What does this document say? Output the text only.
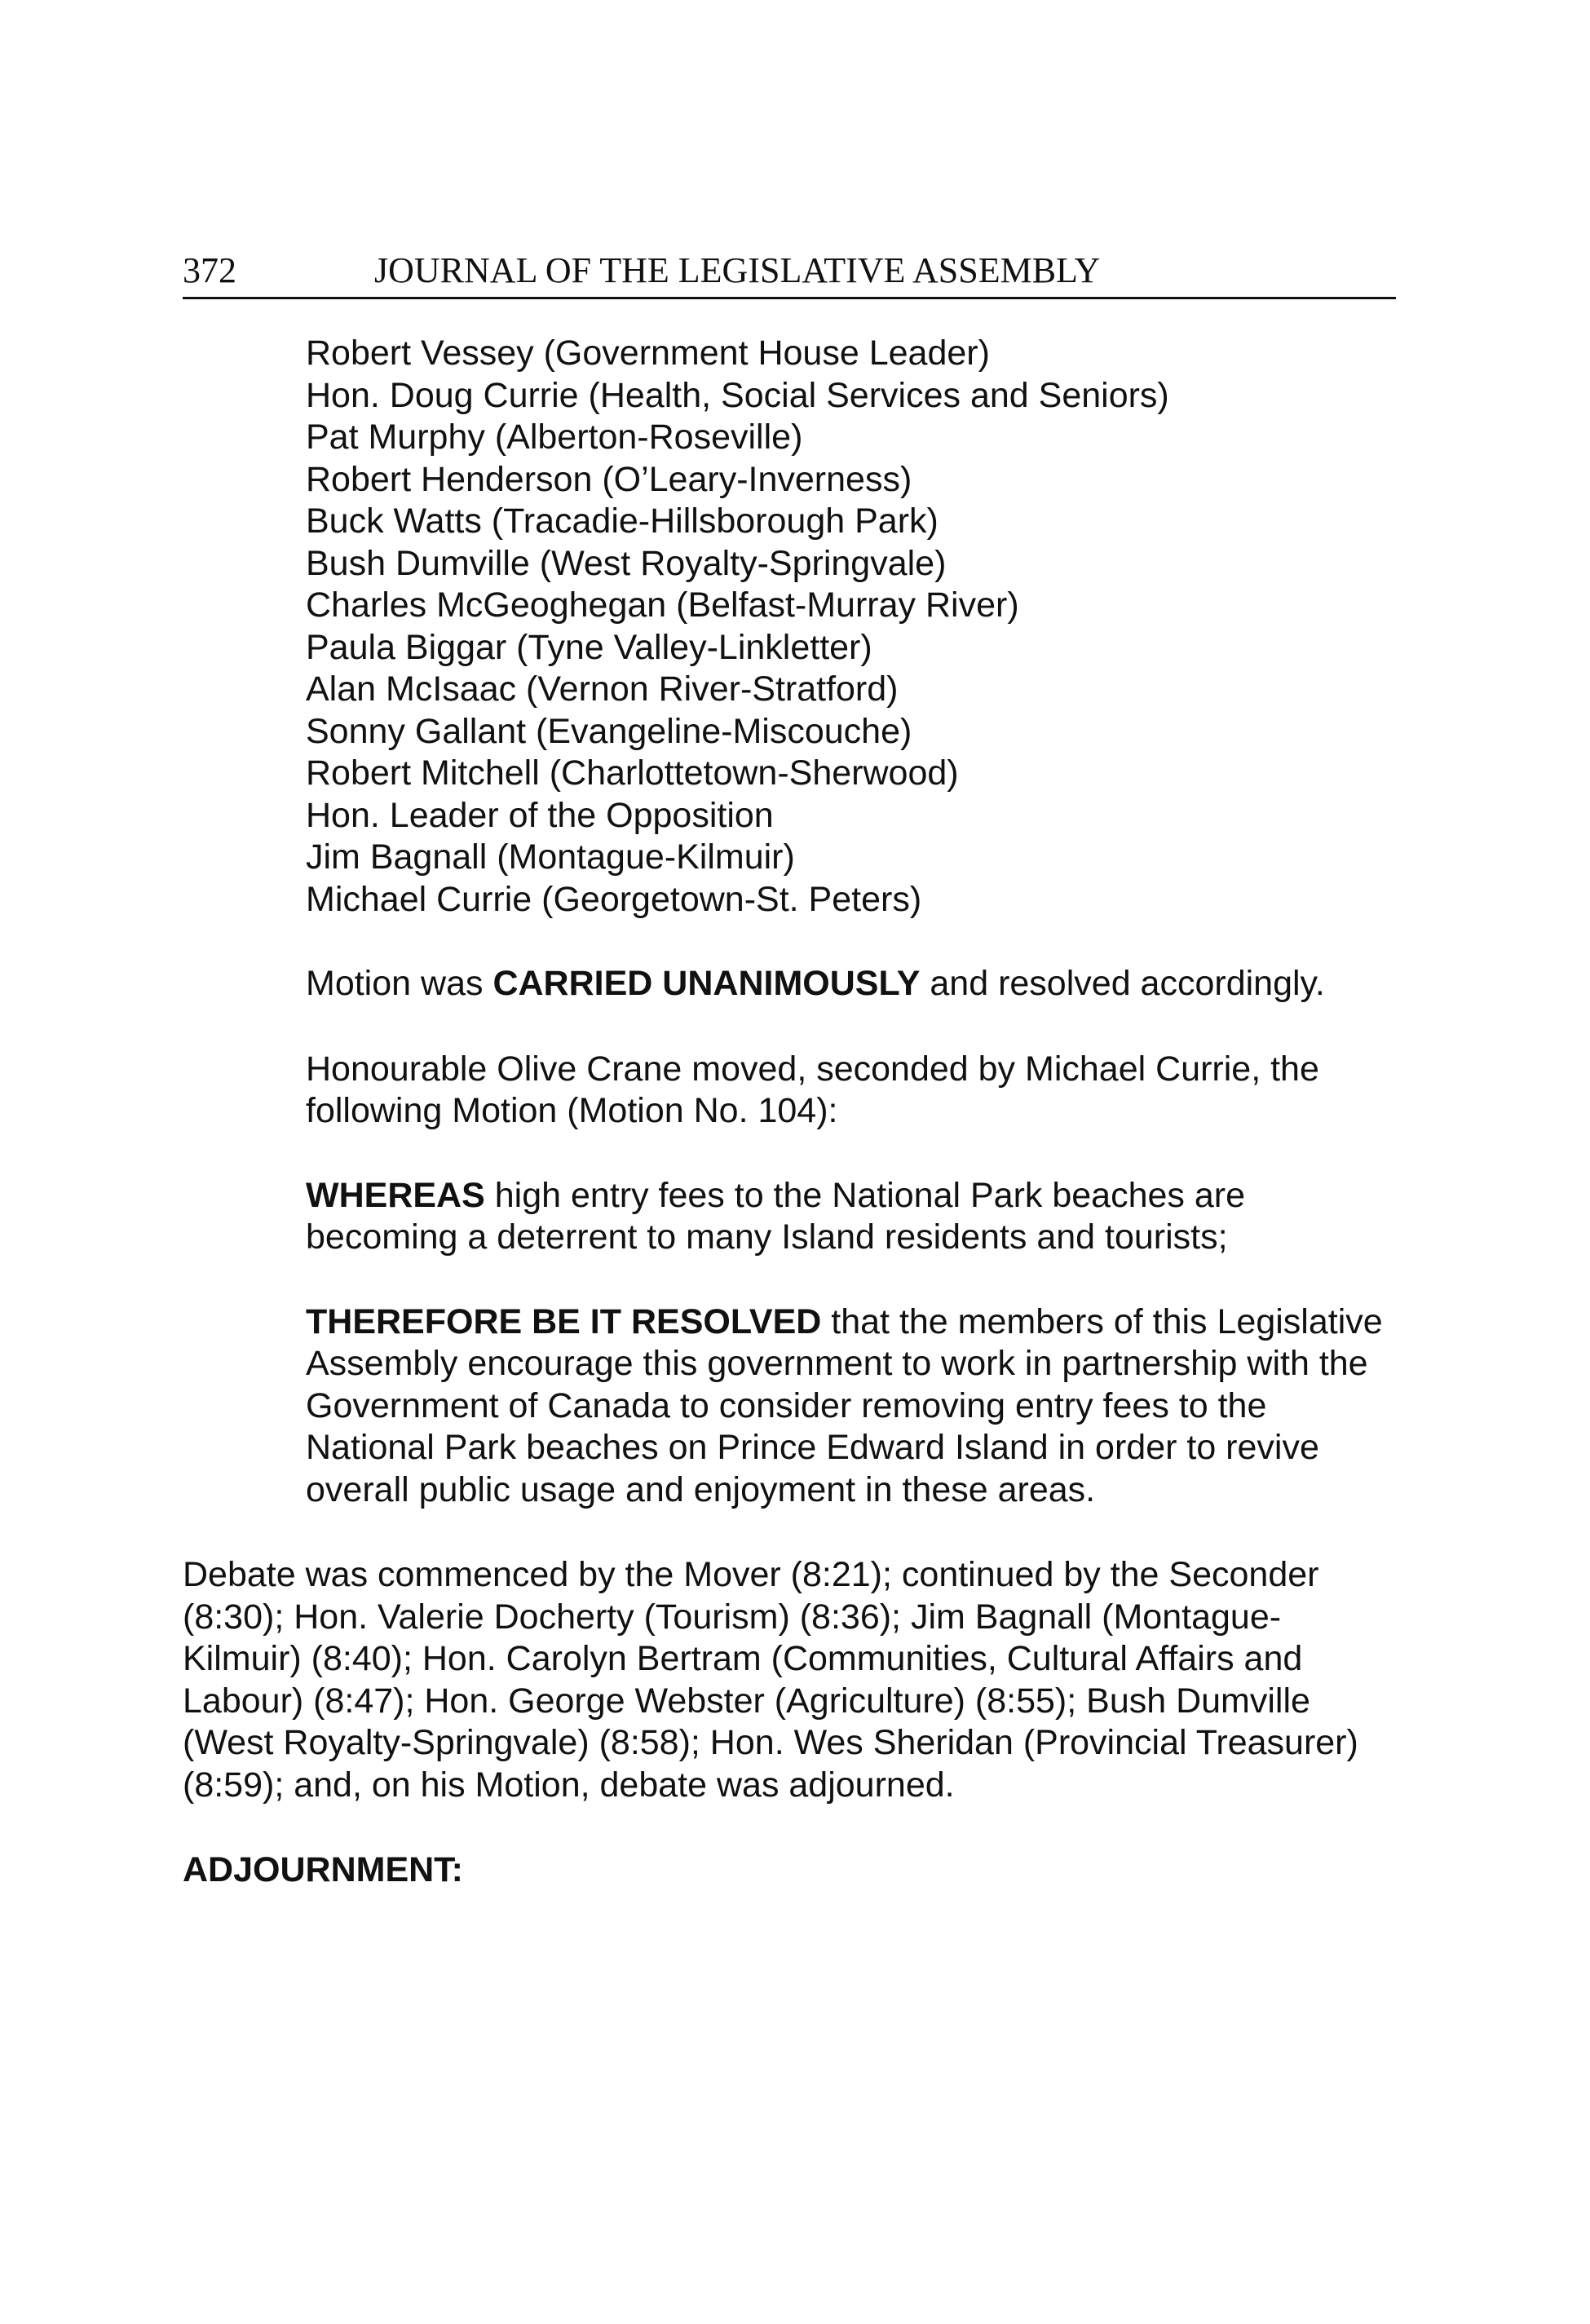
372	JOURNAL OF THE LEGISLATIVE ASSEMBLY
Robert Vessey (Government House Leader)
Hon. Doug Currie (Health, Social Services and Seniors)
Pat Murphy (Alberton-Roseville)
Robert Henderson (O’Leary-Inverness)
Buck Watts (Tracadie-Hillsborough Park)
Bush Dumville (West Royalty-Springvale)
Charles McGeoghegan (Belfast-Murray River)
Paula Biggar (Tyne Valley-Linkletter)
Alan McIsaac (Vernon River-Stratford)
Sonny Gallant (Evangeline-Miscouche)
Robert Mitchell (Charlottetown-Sherwood)
Hon. Leader of the Opposition
Jim Bagnall (Montague-Kilmuir)
Michael Currie (Georgetown-St. Peters)

Motion was CARRIED UNANIMOUSLY and resolved accordingly.

Honourable Olive Crane moved, seconded by Michael Currie, the following Motion (Motion No. 104):

WHEREAS high entry fees to the National Park beaches are becoming a deterrent to many Island residents and tourists;

THEREFORE BE IT RESOLVED that the members of this Legislative Assembly encourage this government to work in partnership with the Government of Canada to consider removing entry fees to the National Park beaches on Prince Edward Island in order to revive overall public usage and enjoyment in these areas.

Debate was commenced by the Mover (8:21); continued by the Seconder (8:30); Hon. Valerie Docherty (Tourism) (8:36); Jim Bagnall (Montague-Kilmuir) (8:40); Hon. Carolyn Bertram (Communities, Cultural Affairs and Labour) (8:47); Hon. George Webster (Agriculture) (8:55); Bush Dumville (West Royalty-Springvale) (8:58); Hon. Wes Sheridan (Provincial Treasurer) (8:59); and, on his Motion, debate was adjourned.

ADJOURNMENT:
